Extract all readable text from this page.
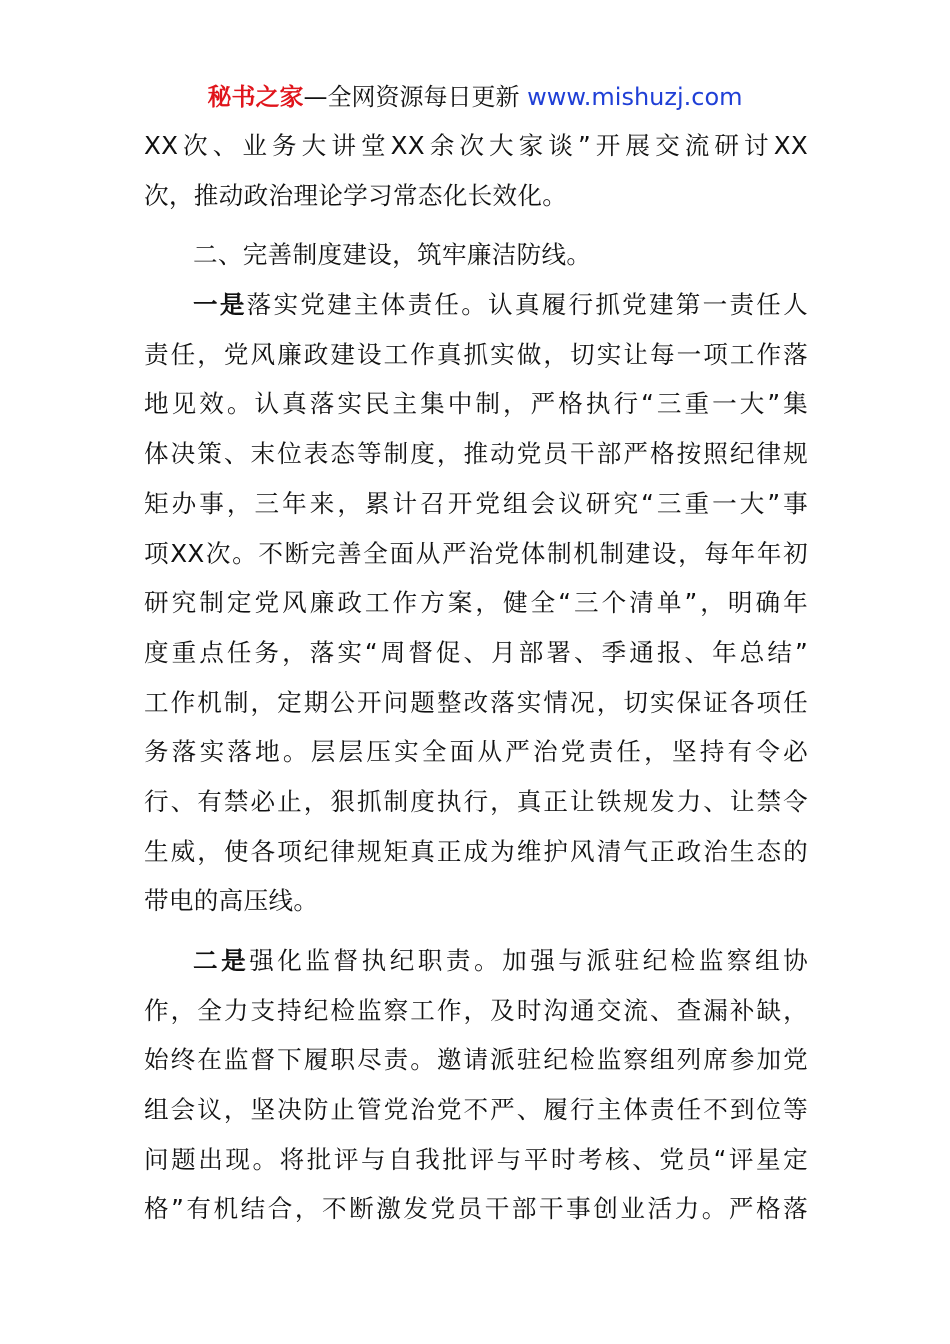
秘书之家—全网资源每日更新 www.mishuzj.com
XX次、业务大讲堂XX余次大家谈”开展交流研讨XX
次，推动政治理论学习常态化长效化。
二、完善制度建设，筑牢廉洁防线。
一是落实党建主体责任。认真履行抓党建第一责任人
责任，党风廉政建设工作真抓实做，切实让每一项工作落
地见效。认真落实民主集中制，严格执行“三重一大”集
体决策、末位表态等制度，推动党员干部严格按照纪律规
矩办事，三年来，累计召开党组会议研究“三重一大”事
项XX次。不断完善全面从严治党体制机制建设，每年年初
研究制定党风廉政工作方案，健全“三个清单”，明确年
度重点任务，落实“周督促、月部署、季通报、年总结”
工作机制，定期公开问题整改落实情况，切实保证各项任
务落实落地。层层压实全面从严治党责任，坚持有令必
行、有禁必止，狠抓制度执行，真正让铁规发力、让禁令
生威，使各项纪律规矩真正成为维护风清气正政治生态的
带电的高压线。
二是强化监督执纪职责。加强与派驻纪检监察组协
作，全力支持纪检监察工作，及时沟通交流、查漏补缺，
始终在监督下履职尽责。邀请派驻纪检监察组列席参加党
组会议，坚决防止管党治党不严、履行主体责任不到位等
问题出现。将批评与自我批评与平时考核、党员“评星定
格”有机结合，不断激发党员干部干事创业活力。严格落
